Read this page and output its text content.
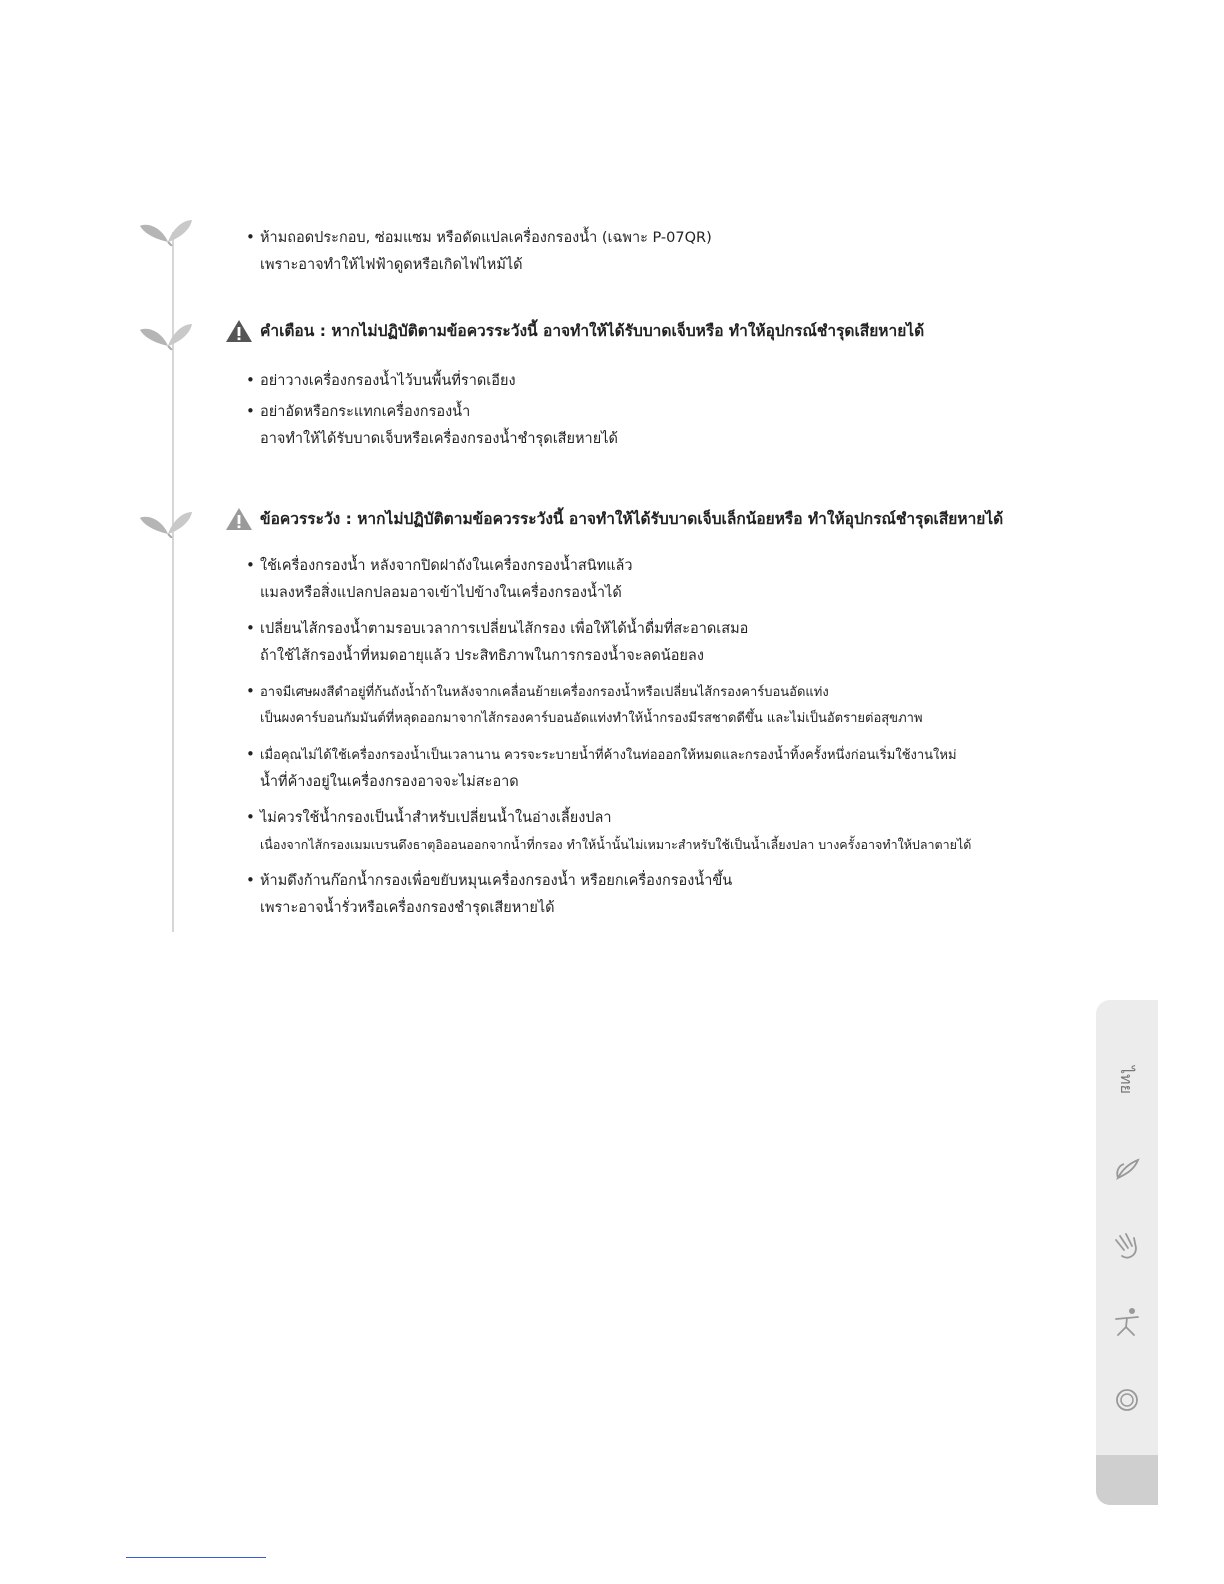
• ห้ามถอดประกอบ, ซ่อมแซม หรือดัดแปลเครื่องกรองน้ำ (เฉพาะ P-07QR)
เพราะอาจทำให้ไฟฟ้าดูดหรือเกิดไฟไหม้ได้
คำเตือน : หากไม่ปฏิบัติตามข้อควรระวังนี้ อาจทำให้ได้รับบาดเจ็บหรือ ทำให้อุปกรณ์ชำรุดเสียหายได้
• อย่าวางเครื่องกรองน้ำไว้บนพื้นที่ราดเอียง
• อย่าอัดหรือกระแทกเครื่องกรองน้ำ
อาจทำให้ได้รับบาดเจ็บหรือเครื่องกรองน้ำชำรุดเสียหายได้
ข้อควรระวัง : หากไม่ปฏิบัติตามข้อควรระวังนี้ อาจทำให้ได้รับบาดเจ็บเล็กน้อยหรือ ทำให้อุปกรณ์ชำรุดเสียหายได้
• ใช้เครื่องกรองน้ำ หลังจากปิดฝาถังในเครื่องกรองน้ำสนิทแล้ว
แมลงหรือสิ่งแปลกปลอมอาจเข้าไปข้างในเครื่องกรองน้ำได้
• เปลี่ยนไส้กรองน้ำตามรอบเวลาการเปลี่ยนไส้กรอง เพื่อให้ได้น้ำดื่มที่สะอาดเสมอ
ถ้าใช้ไส้กรองน้ำที่หมดอายุแล้ว ประสิทธิภาพในการกรองน้ำจะลดน้อยลง
• อาจมีเศษผงสีดำอยู่ที่ก้นถังน้ำถ้าในหลังจากเคลื่อนย้ายเครื่องกรองน้ำหรือเปลี่ยนไส้กรองคาร์บอนอัดแท่ง
เป็นผงคาร์บอนกัมมันต์ที่หลุดออกมาจากไส้กรองคาร์บอนอัดแท่งทำให้น้ำกรองมีรสชาดดีขึ้น และไม่เป็นอัตรายต่อสุขภาพ
• เมื่อคุณไม่ได้ใช้เครื่องกรองน้ำเป็นเวลานาน ควรจะระบายน้ำที่ค้างในท่อออกให้หมดและกรองน้ำทิ้งครั้งหนึ่งก่อนเริ่มใช้งานใหม่
น้ำที่ค้างอยู่ในเครื่องกรองอาจจะไม่สะอาด
• ไม่ควรใช้น้ำกรองเป็นน้ำสำหรับเปลี่ยนน้ำในอ่างเลี้ยงปลา
เนื่องจากไส้กรองเมมเบรนดึงธาตุอิออนออกจากน้ำที่กรอง ทำให้น้ำนั้นไม่เหมาะสำหรับใช้เป็นน้ำเลี้ยงปลา บางครั้งอาจทำให้ปลาตายได้
• ห้ามดึงก้านก๊อกน้ำกรองเพื่อขยับหมุนเครื่องกรองน้ำ หรือยกเครื่องกรองน้ำขึ้น
เพราะอาจน้ำรั่วหรือเครื่องกรองชำรุดเสียหายได้
ไทย
